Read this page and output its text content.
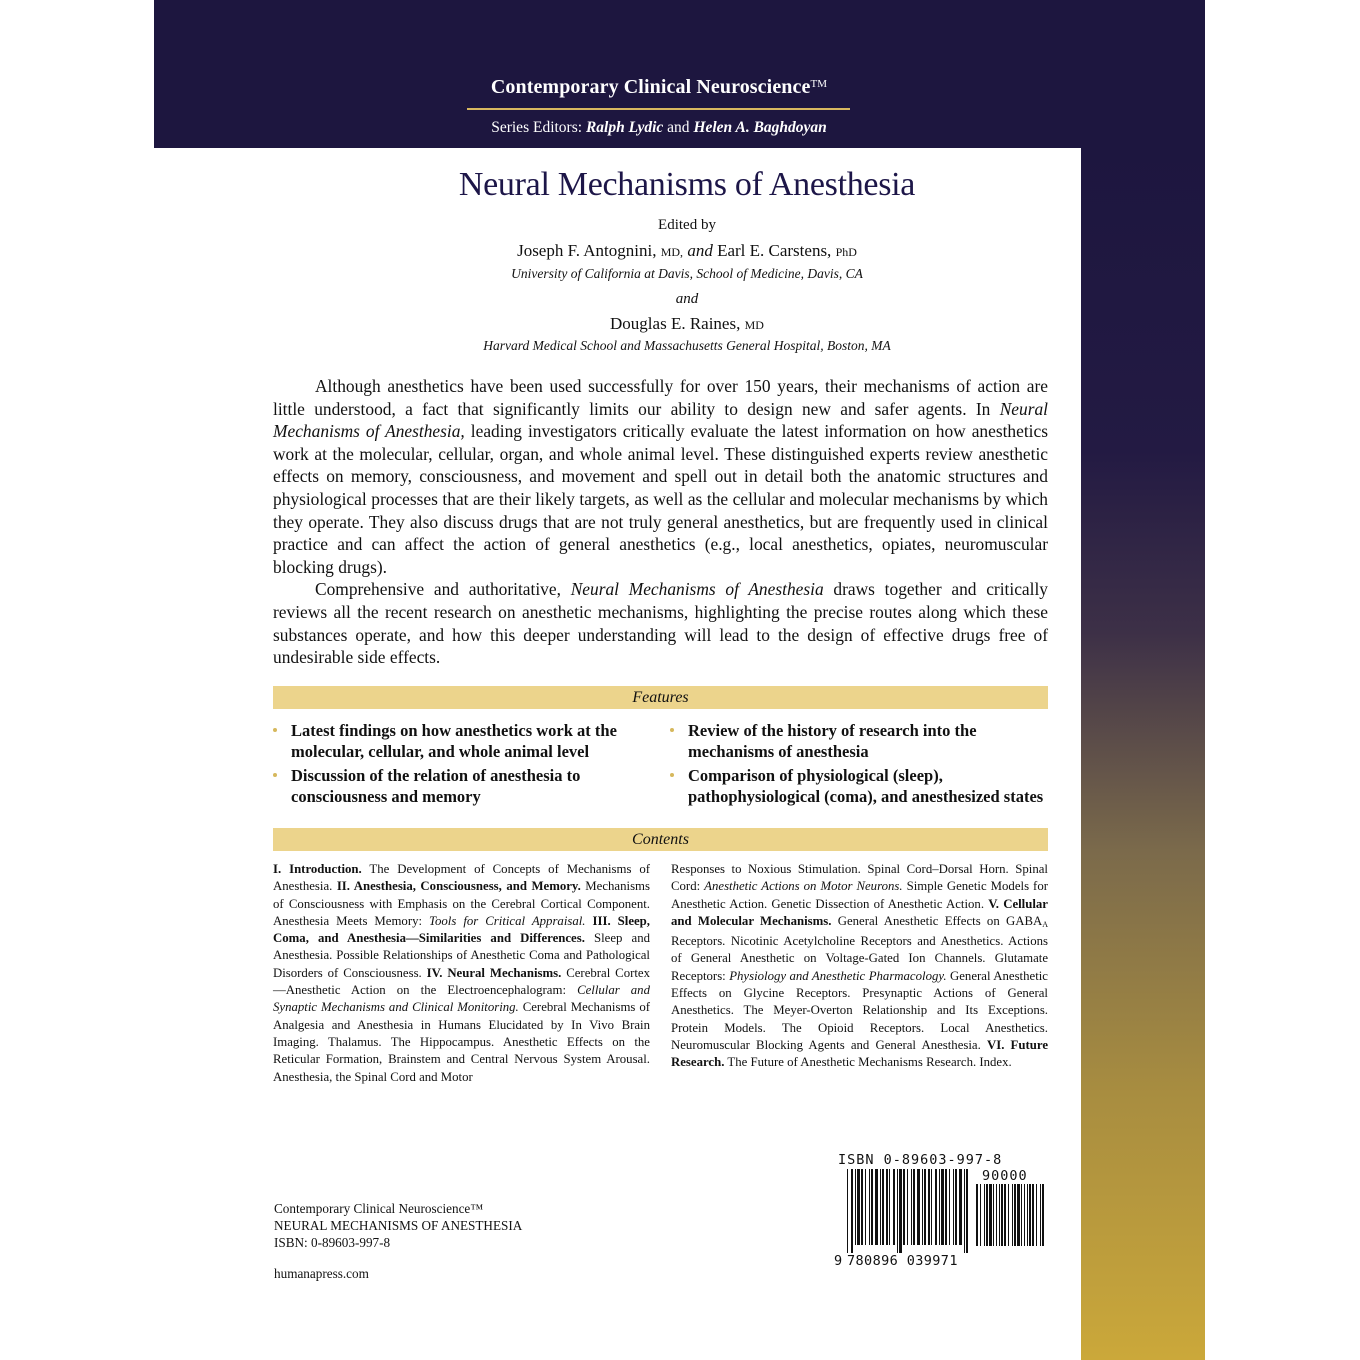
Contemporary Clinical Neuroscience™
Series Editors: Ralph Lydic and Helen A. Baghdoyan
Neural Mechanisms of Anesthesia
Edited by
Joseph F. Antognini, MD, and Earl E. Carstens, PhD
University of California at Davis, School of Medicine, Davis, CA
and
Douglas E. Raines, MD
Harvard Medical School and Massachusetts General Hospital, Boston, MA

Although anesthetics have been used successfully for over 150 years, their mechanisms of action are little understood, a fact that significantly limits our ability to design new and safer agents. In Neural Mechanisms of Anesthesia, leading investigators critically evaluate the latest information on how anesthetics work at the molecular, cellular, organ, and whole animal level. These distinguished experts review anesthetic effects on memory, consciousness, and movement and spell out in detail both the anatomic structures and physiological processes that are their likely targets, as well as the cellular and molecular mechanisms by which they operate. They also discuss drugs that are not truly general anesthetics, but are frequently used in clinical practice and can affect the action of general anesthetics (e.g., local anesthetics, opiates, neuromuscular blocking drugs).

Comprehensive and authoritative, Neural Mechanisms of Anesthesia draws together and critically reviews all the recent research on anesthetic mechanisms, highlighting the precise routes along which these substances operate, and how this deeper understanding will lead to the design of effective drugs free of undesirable side effects.

Features
Latest findings on how anesthetics work at the molecular, cellular, and whole animal level
Discussion of the relation of anesthesia to consciousness and memory
Review of the history of research into the mechanisms of anesthesia
Comparison of physiological (sleep), pathophysiological (coma), and anesthesized states
Contents
I. Introduction. The Development of Concepts of Mechanisms of Anesthesia. II. Anesthesia, Consciousness, and Memory. Mechanisms of Consciousness with Emphasis on the Cerebral Cortical Component. Anesthesia Meets Memory: Tools for Critical Appraisal. III. Sleep, Coma, and Anesthesia—Similarities and Differences. Sleep and Anesthesia. Possible Relationships of Anesthetic Coma and Pathological Disorders of Consciousness. IV. Neural Mechanisms. Cerebral Cortex—Anesthetic Action on the Electroencephalogram: Cellular and Synaptic Mechanisms and Clinical Monitoring. Cerebral Mechanisms of Analgesia and Anesthesia in Humans Elucidated by In Vivo Brain Imaging. Thalamus. The Hippocampus. Anesthetic Effects on the Reticular Formation, Brainstem and Central Nervous System Arousal. Anesthesia, the Spinal Cord and Motor
Responses to Noxious Stimulation. Spinal Cord–Dorsal Horn. Spinal Cord: Anesthetic Actions on Motor Neurons. Simple Genetic Models for Anesthetic Action. Genetic Dissection of Anesthetic Action. V. Cellular and Molecular Mechanisms. General Anesthetic Effects on $GABA_A$ Receptors. Nicotinic Acetylcholine Receptors and Anesthetics. Actions of General Anesthetic on Voltage-Gated Ion Channels. Glutamate Receptors: Physiology and Anesthetic Pharmacology. General Anesthetic Effects on Glycine Receptors. Presynaptic Actions of General Anesthetics. The Meyer-Overton Relationship and Its Exceptions. Protein Models. The Opioid Receptors. Local Anesthetics. Neuromuscular Blocking Agents and General Anesthesia. VI. Future Research. The Future of Anesthetic Mechanisms Research. Index.
Contemporary Clinical Neuroscience™
NEURAL MECHANISMS OF ANESTHESIA
ISBN: 0-89603-997-8
humanapress.com
ISBN 0-89603-997-8
90000
9 780896 039971
